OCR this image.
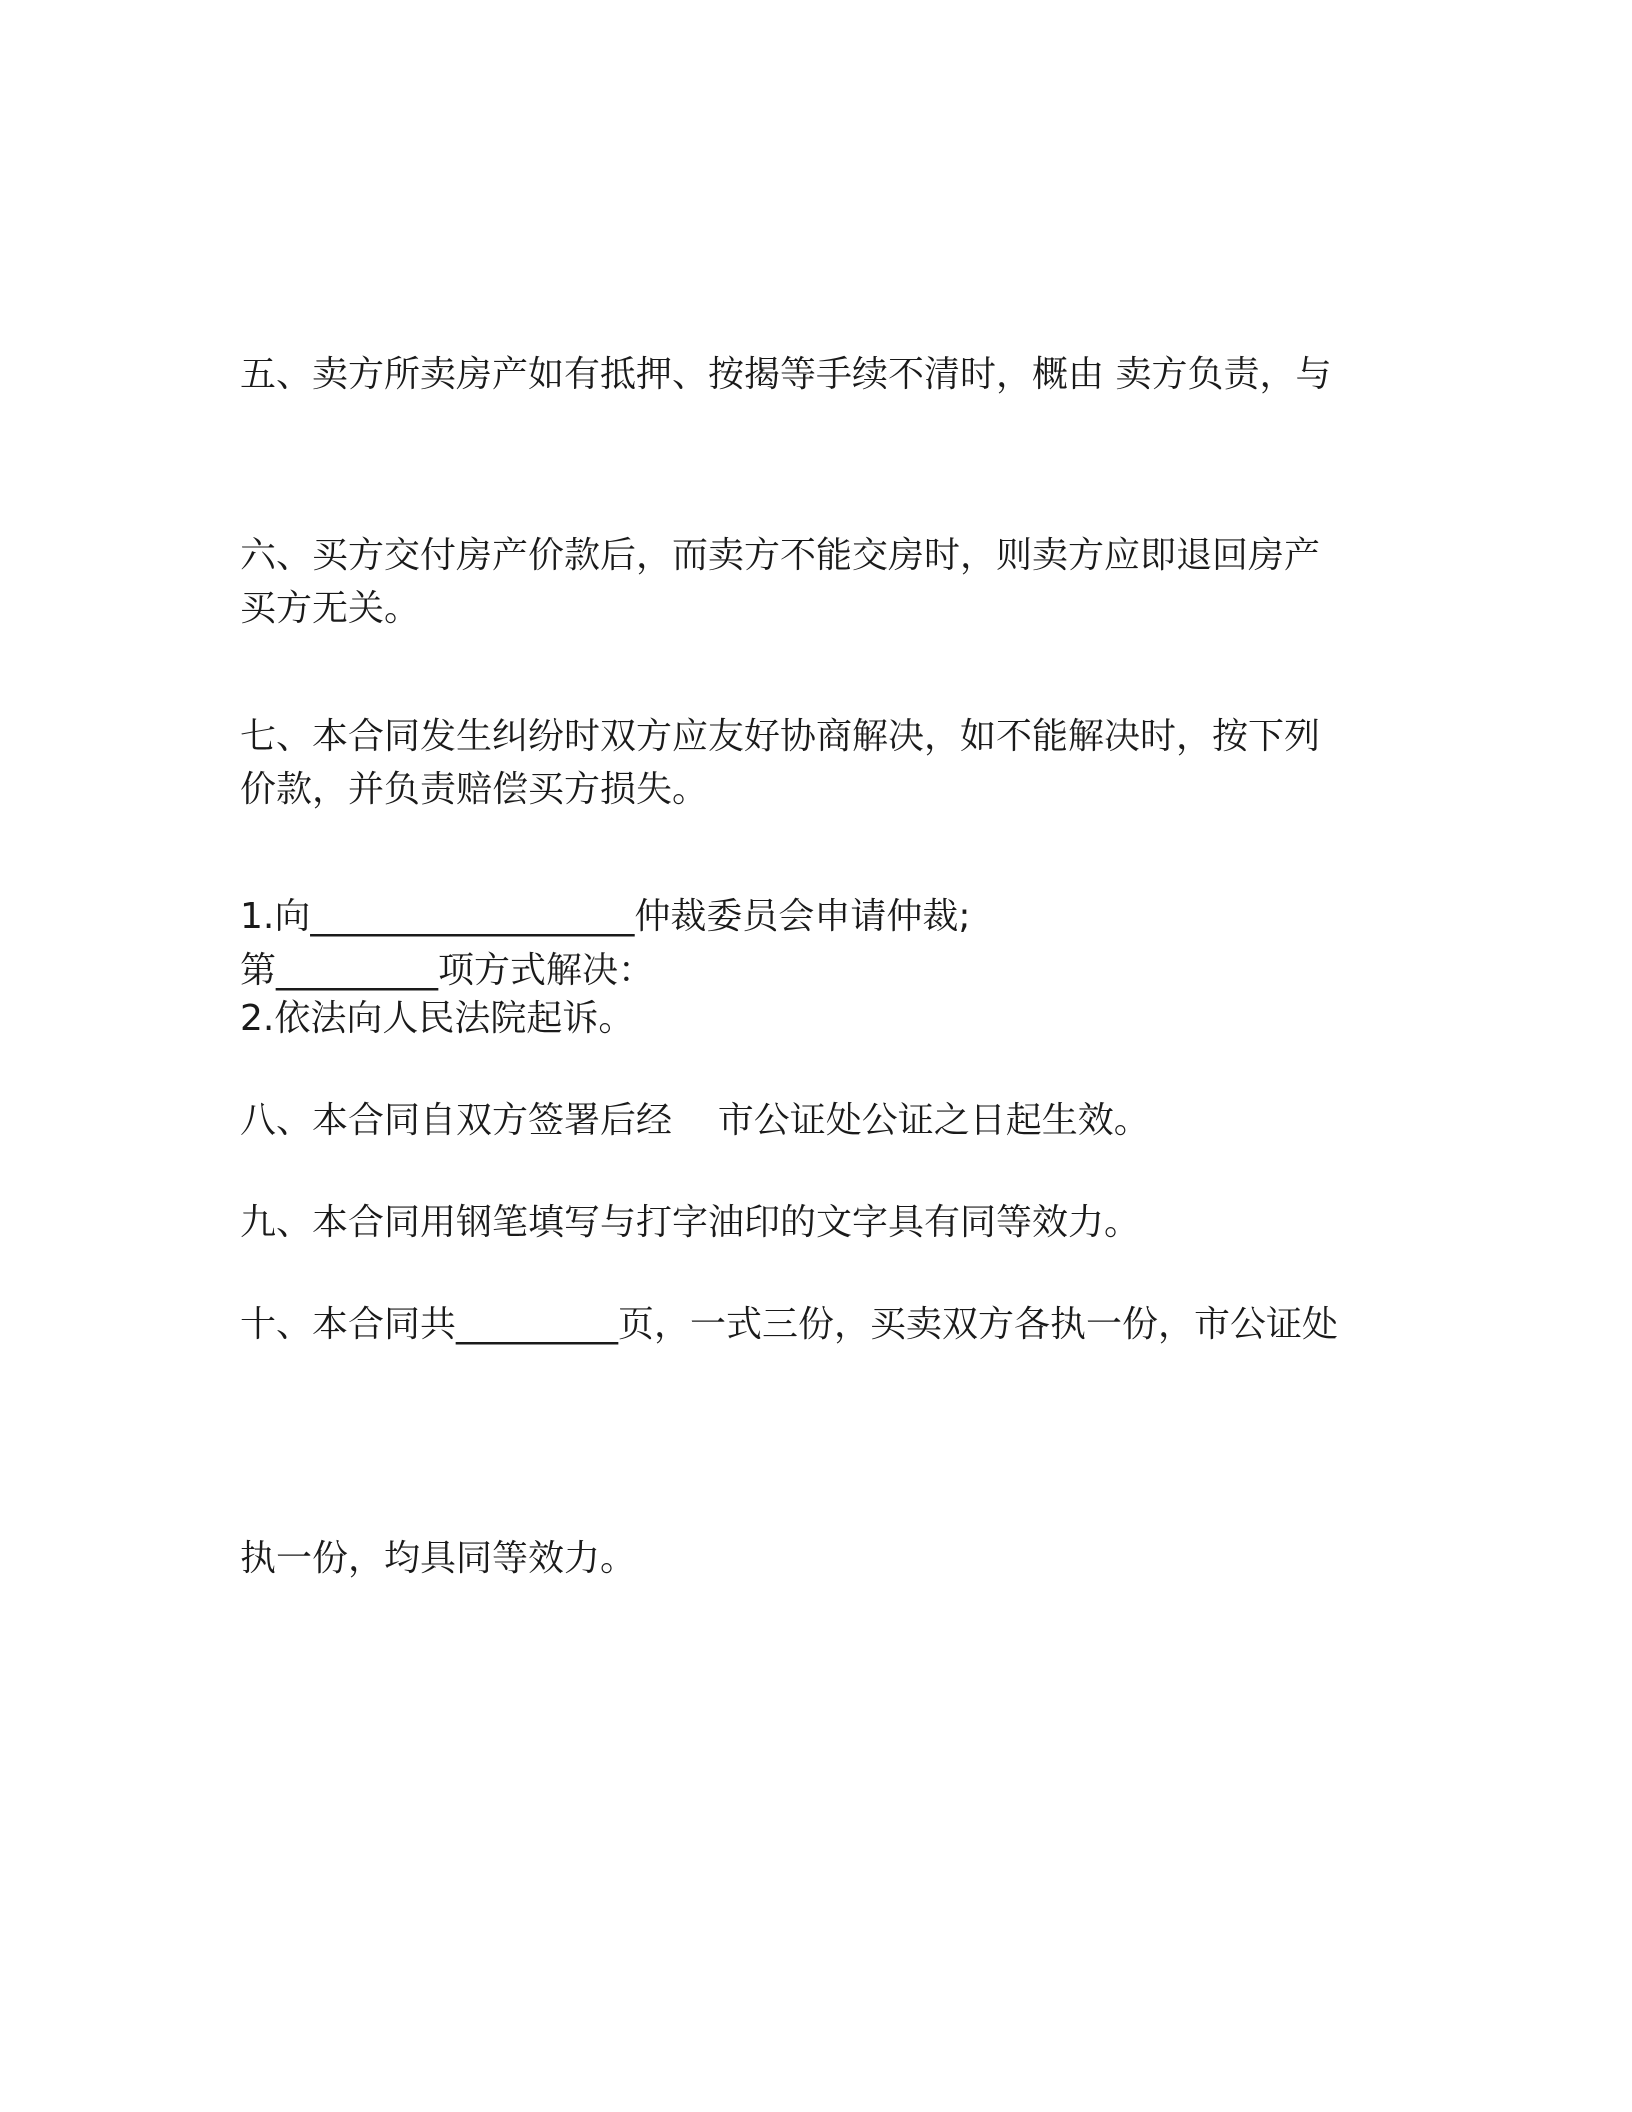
五、卖方所卖房产如有抵押、按揭等手续不清时，概由 卖方负责，与

买方无关。

六、买方交付房产价款后，而卖方不能交房时，则卖方应即退回房产

价款，并负责赔偿买方损失。

七、本合同发生纠纷时双方应友好协商解决，如不能解决时，按下列

第_________项方式解决：

1.向__________________仲裁委员会申请仲裁;

2.依法向人民法院起诉。

八、本合同自双方签署后经    市公证处公证之日起生效。

九、本合同用钢笔填写与打字油印的文字具有同等效力。

十、本合同共_________页，一式三份，买卖双方各执一份，市公证处

执一份，均具同等效力。
